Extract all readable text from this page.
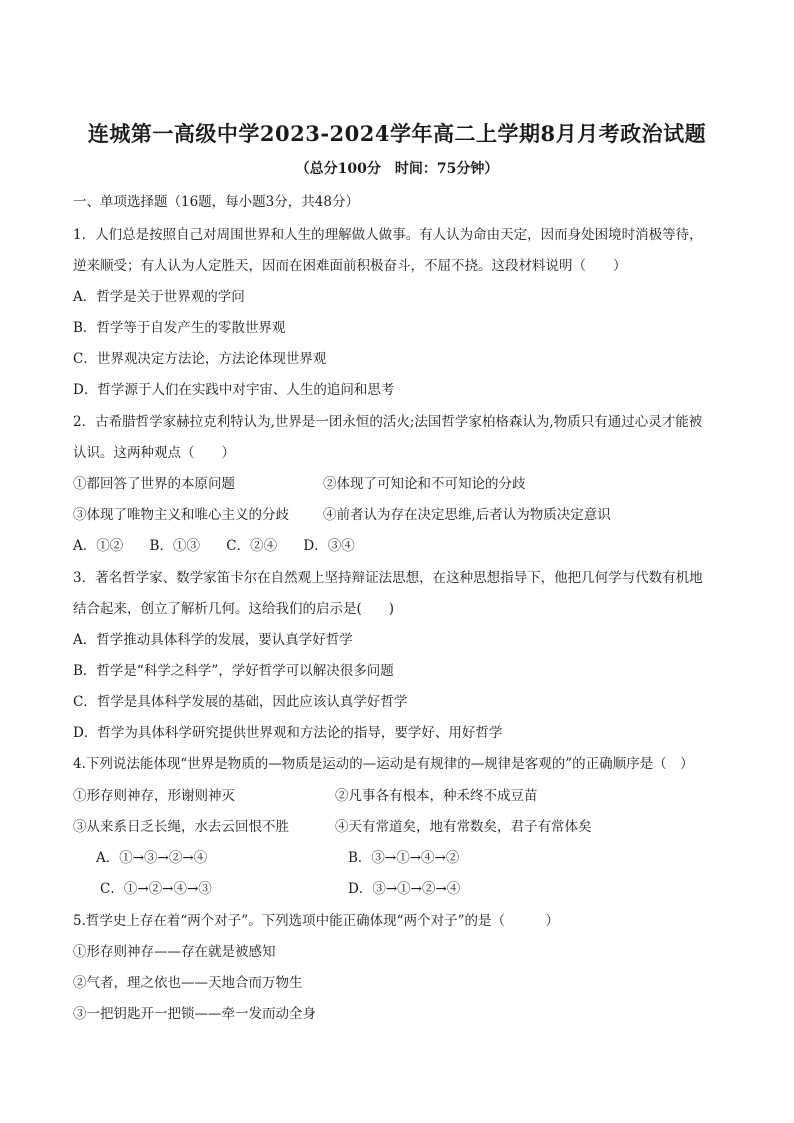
连城第一高级中学2023-2024学年高二上学期8月月考政治试题
（总分100分　时间：75分钟）
一、单项选择题（16题，每小题3分，共48分）
1．人们总是按照自己对周围世界和人生的理解做人做事。有人认为命由天定，因而身处困境时消极等待，
逆来顺受；有人认为人定胜天，因而在困难面前积极奋斗，不屈不挠。这段材料说明（　　）
A．哲学是关于世界观的学问
B．哲学等于自发产生的零散世界观
C．世界观决定方法论，方法论体现世界观
D．哲学源于人们在实践中对宇宙、人生的追问和思考
2．古希腊哲学家赫拉克利特认为,世界是一团永恒的活火;法国哲学家柏格森认为,物质只有通过心灵才能被
认识。这两种观点（　　）
①都回答了世界的本原问题	②体现了可知论和不可知论的分歧
③体现了唯物主义和唯心主义的分歧	④前者认为存在决定思维,后者认为物质决定意识
A．①② B．①③ C．②④ D．③④
3．著名哲学家、数学家笛卡尔在自然观上坚持辩证法思想，在这种思想指导下，他把几何学与代数有机地
结合起来，创立了解析几何。这给我们的启示是(　　)
A．哲学推动具体科学的发展，要认真学好哲学
B．哲学是“科学之科学”，学好哲学可以解决很多问题
C．哲学是具体科学发展的基础，因此应该认真学好哲学
D．哲学为具体科学研究提供世界观和方法论的指导，要学好、用好哲学
4.下列说法能体现“世界是物质的—物质是运动的—运动是有规律的—规律是客观的”的正确顺序是（　）
①形存则神存，形谢则神灭	②凡事各有根本，种禾终不成豆苗
③从来系日乏长绳，水去云回恨不胜	④天有常道矣，地有常数矣，君子有常体矣
A．①→③→②→④	B．③→①→④→②
C．①→②→④→③	D．③→①→②→④
5.哲学史上存在着“两个对子”。下列选项中能正确体现“两个对子”的是（　　　）
①形存则神存——存在就是被感知
②气者，理之依也——天地合而万物生
③一把钥匙开一把锁——牵一发而动全身
